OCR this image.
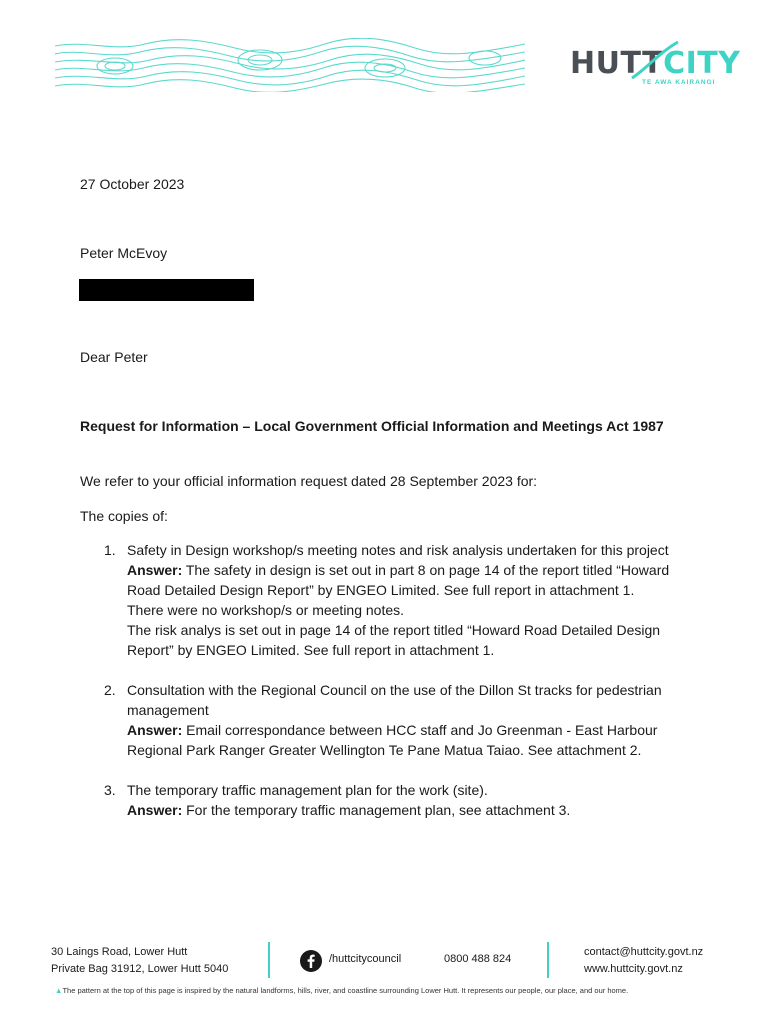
HUTTCITY
TE AWA KAIRANGI
27 October 2023
Peter McEvoy
Dear Peter
Request for Information – Local Government Official Information and Meetings Act 1987
We refer to your official information request dated 28 September 2023 for:
The copies of:
1. Safety in Design workshop/s meeting notes and risk analysis undertaken for this project
Answer: The safety in design is set out in part 8 on page 14 of the report titled “Howard Road Detailed Design Report” by ENGEO Limited. See full report in attachment 1.
There were no workshop/s or meeting notes.
The risk analys is set out in page 14 of the report titled “Howard Road Detailed Design Report” by ENGEO Limited. See full report in attachment 1.
2. Consultation with the Regional Council on the use of the Dillon St tracks for pedestrian management
Answer: Email correspondance between HCC staff and Jo Greenman - East Harbour Regional Park Ranger Greater Wellington Te Pane Matua Taiao. See attachment 2.
3. The temporary traffic management plan for the work (site).
Answer: For the temporary traffic management plan, see attachment 3.
30 Laings Road, Lower Hutt
Private Bag 31912, Lower Hutt 5040
/huttcitycouncil	0800 488 824
contact@huttcity.govt.nz
www.huttcity.govt.nz
▲The pattern at the top of this page is inspired by the natural landforms, hills, river, and coastline surrounding Lower Hutt. It represents our people, our place, and our home.
